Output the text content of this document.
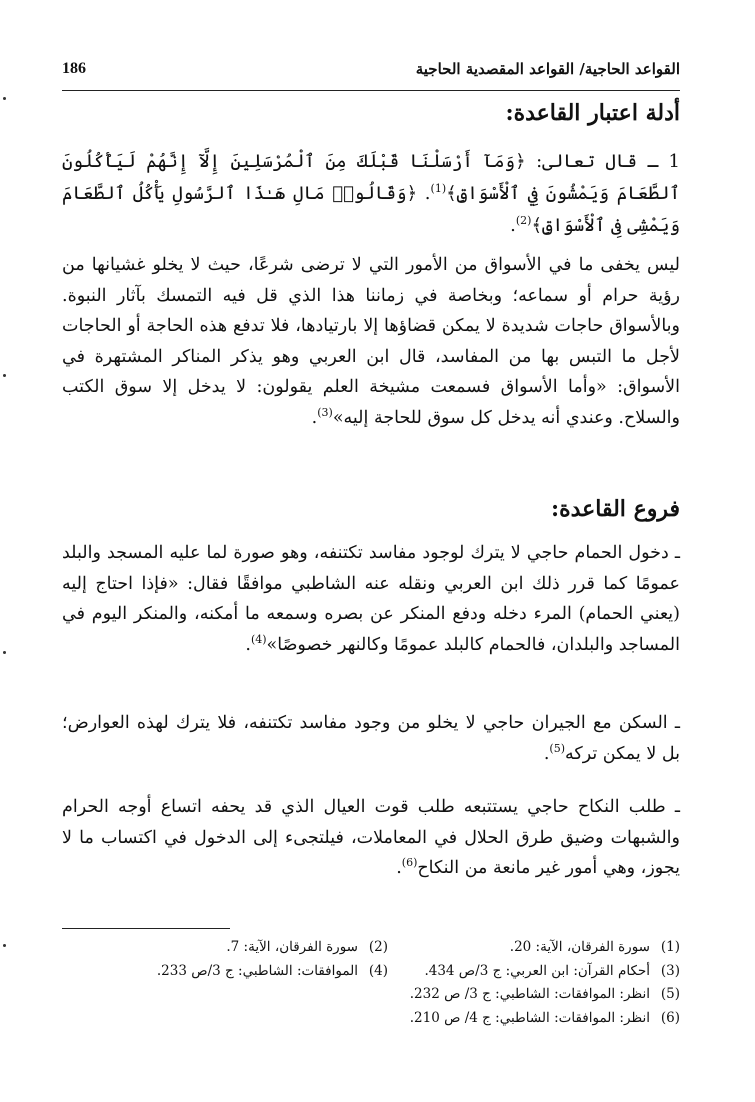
القواعد الحاجية/ القواعد المقصدية الحاجية
186
أدلة اعتبار القاعدة:
1 ـ قال تعالى: ﴿وَمَآ أَرْسَلْنَا قَبْلَكَ مِنَ ٱلْمُرْسَلِينَ إِلَّآ إِنَّهُمْ لَيَأْكُلُونَ ٱلطَّعَامَ وَيَمْشُونَ فِي ٱلْأَسْوَاقِ﴾$^{(1)}$. ﴿وَقَالُوا۟ مَالِ هَـٰذَا ٱلرَّسُولِ يَأْكُلُ ٱلطَّعَامَ وَيَمْشِى فِى ٱلْأَسْوَاقِ﴾$^{(2)}$.
ليس يخفى ما في الأسواق من الأمور التي لا ترضى شرعًا، حيث لا يخلو غشيانها من رؤية حرام أو سماعه؛ وبخاصة في زماننا هذا الذي قل فيه التمسك بآثار النبوة. وبالأسواق حاجات شديدة لا يمكن قضاؤها إلا بارتيادها، فلا تدفع هذه الحاجة أو الحاجات لأجل ما التبس بها من المفاسد، قال ابن العربي وهو يذكر المناكر المشتهرة في الأسواق: «وأما الأسواق فسمعت مشيخة العلم يقولون: لا يدخل إلا سوق الكتب والسلاح. وعندي أنه يدخل كل سوق للحاجة إليه»$^{(3)}$.
فروع القاعدة:
ـ دخول الحمام حاجي لا يترك لوجود مفاسد تكتنفه، وهو صورة لما عليه المسجد والبلد عمومًا كما قرر ذلك ابن العربي ونقله عنه الشاطبي موافقًا فقال: «فإذا احتاج إليه (يعني الحمام) المرء دخله ودفع المنكر عن بصره وسمعه ما أمكنه، والمنكر اليوم في المساجد والبلدان، فالحمام كالبلد عمومًا وكالنهر خصوصًا»$^{(4)}$.
ـ السكن مع الجيران حاجي لا يخلو من وجود مفاسد تكتنفه، فلا يترك لهذه العوارض؛ بل لا يمكن تركه$^{(5)}$.
ـ طلب النكاح حاجي يستتبعه طلب قوت العيال الذي قد يحفه اتساع أوجه الحرام والشبهات وضيق طرق الحلال في المعاملات، فيلتجىء إلى الدخول في اكتساب ما لا يجوز، وهي أمور غير مانعة من النكاح$^{(6)}$.
(1)
سورة الفرقان، الآية: 20.
(2)
سورة الفرقان، الآية: 7.
(3)
أحكام القرآن: ابن العربي: ج 3/ص 434.
(4)
الموافقات: الشاطبي: ج 3/ص 233.
(5)
انظر: الموافقات: الشاطبي: ج 3/ ص 232.
(6)
انظر: الموافقات: الشاطبي: ج 4/ ص 210.
